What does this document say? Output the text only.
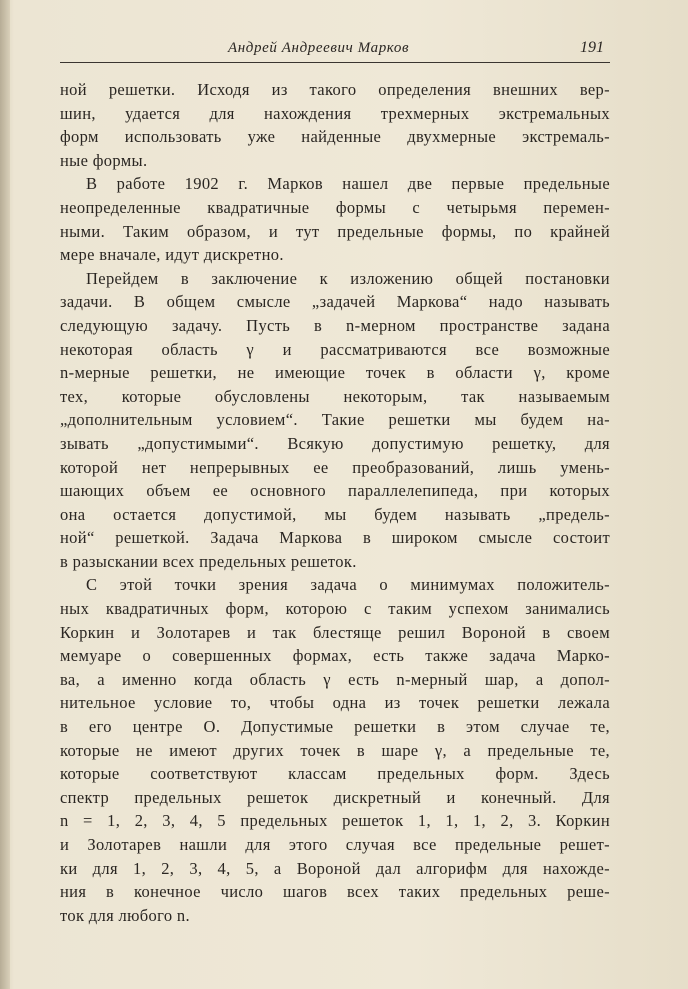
Андрей Андреевич Марков	191
ной решетки. Исходя из такого определения внешних вер-
шин, удается для нахождения трехмерных экстремальных
форм использовать уже найденные двухмерные экстремаль-
ные формы.
В работе 1902 г. Марков нашел две первые предельные
неопределенные квадратичные формы с четырьмя перемен-
ными. Таким образом, и тут предельные формы, по крайней
мере вначале, идут дискретно.
Перейдем в заключение к изложению общей постановки
задачи. В общем смысле „задачей Маркова“ надо называть
следующую задачу. Пусть в n-мерном пространстве задана
некоторая область γ и рассматриваются все возможные
n-мерные решетки, не имеющие точек в области γ, кроме
тех, которые обусловлены некоторым, так называемым
„дополнительным условием“. Такие решетки мы будем на-
зывать „допустимыми“. Всякую допустимую решетку, для
которой нет непрерывных ее преобразований, лишь умень-
шающих объем ее основного параллелепипеда, при которых
она остается допустимой, мы будем называть „предель-
ной“ решеткой. Задача Маркова в широком смысле состоит
в разыскании всех предельных решеток.
С этой точки зрения задача о минимумах положитель-
ных квадратичных форм, которою с таким успехом занимались
Коркин и Золотарев и так блестяще решил Вороной в своем
мемуаре о совершенных формах, есть также задача Марко-
ва, а именно когда область γ есть n-мерный шар, а допол-
нительное условие то, чтобы одна из точек решетки лежала
в его центре O. Допустимые решетки в этом случае те,
которые не имеют других точек в шаре γ, а предельные те,
которые соответствуют классам предельных форм. Здесь
спектр предельных решеток дискретный и конечный. Для
n = 1, 2, 3, 4, 5 предельных решеток 1, 1, 1, 2, 3. Коркин
и Золотарев нашли для этого случая все предельные решет-
ки для 1, 2, 3, 4, 5, а Вороной дал алгорифм для нахожде-
ния в конечное число шагов всех таких предельных реше-
ток для любого n.
